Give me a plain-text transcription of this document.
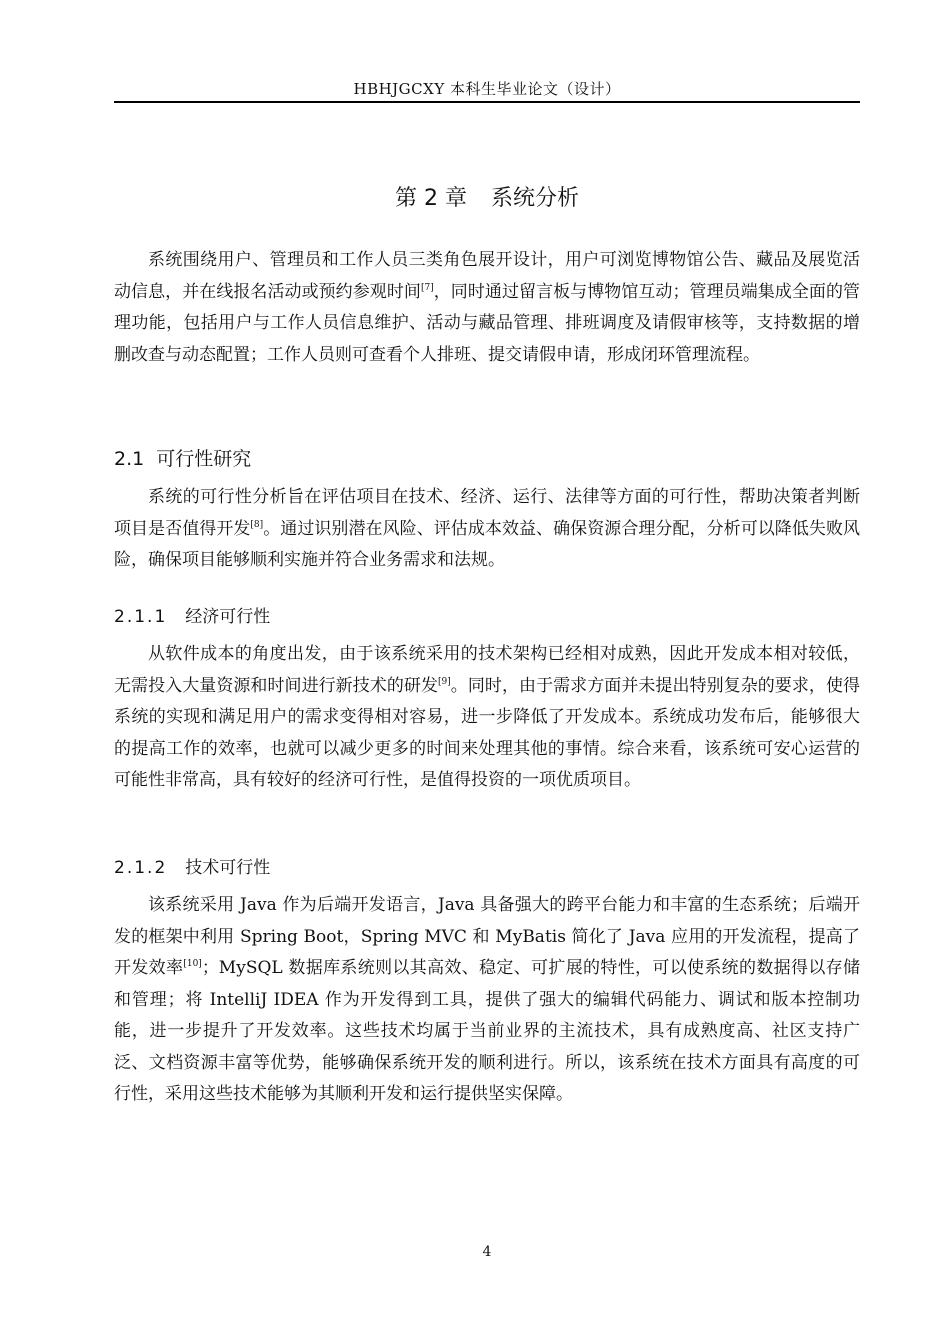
HBHJGCXY 本科生毕业论文（设计）
第 2 章 系统分析

系统围绕用户、管理员和工作人员三类角色展开设计，用户可浏览博物馆公告、藏品及展览活动信息，并在线报名活动或预约参观时间[7]，同时通过留言板与博物馆互动；管理员端集成全面的管理功能，包括用户与工作人员信息维护、活动与藏品管理、排班调度及请假审核等，支持数据的增删改查与动态配置；工作人员则可查看个人排班、提交请假申请，形成闭环管理流程。

2.1 可行性研究

系统的可行性分析旨在评估项目在技术、经济、运行、法律等方面的可行性，帮助决策者判断项目是否值得开发[8]。通过识别潜在风险、评估成本效益、确保资源合理分配，分析可以降低失败风险，确保项目能够顺利实施并符合业务需求和法规。

2.1.1 经济可行性

从软件成本的角度出发，由于该系统采用的技术架构已经相对成熟，因此开发成本相对较低，无需投入大量资源和时间进行新技术的研发[9]。同时，由于需求方面并未提出特别复杂的要求，使得系统的实现和满足用户的需求变得相对容易，进一步降低了开发成本。系统成功发布后，能够很大的提高工作的效率，也就可以减少更多的时间来处理其他的事情。综合来看，该系统可安心运营的可能性非常高，具有较好的经济可行性，是值得投资的一项优质项目。

2.1.2 技术可行性

该系统采用 Java 作为后端开发语言，Java 具备强大的跨平台能力和丰富的生态系统；后端开发的框架中利用 Spring Boot，Spring MVC 和 MyBatis 简化了 Java 应用的开发流程，提高了开发效率[10]；MySQL 数据库系统则以其高效、稳定、可扩展的特性，可以使系统的数据得以存储和管理；将 IntelliJ IDEA 作为开发得到工具，提供了强大的编辑代码能力、调试和版本控制功能，进一步提升了开发效率。这些技术均属于当前业界的主流技术，具有成熟度高、社区支持广泛、文档资源丰富等优势，能够确保系统开发的顺利进行。所以，该系统在技术方面具有高度的可行性，采用这些技术能够为其顺利开发和运行提供坚实保障。

4
